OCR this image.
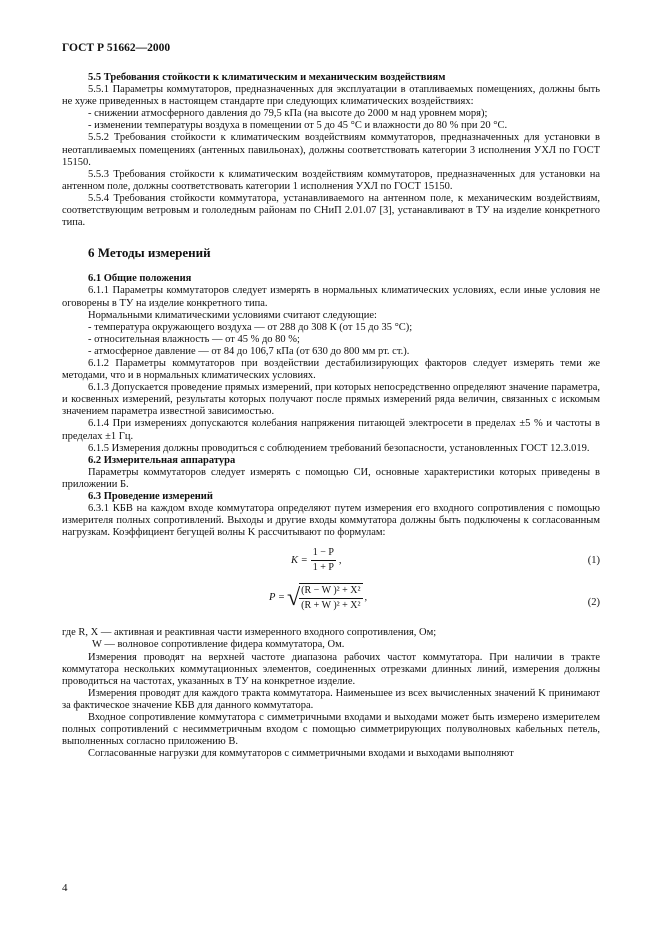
ГОСТ Р 51662—2000

5.5 Требования стойкости к климатическим и механическим воздействиям

5.5.1 Параметры коммутаторов, предназначенных для эксплуатации в отапливаемых помещениях, должны быть не хуже приведенных в настоящем стандарте при следующих климатических воздействиях:

- снижении атмосферного давления до 79,5 кПа (на высоте до 2000 м над уровнем моря);

- изменении температуры воздуха в помещении от 5 до 45 °С и влажности до 80 % при 20 °С.

5.5.2 Требования стойкости к климатическим воздействиям коммутаторов, предназначенных для установки в неотапливаемых помещениях (антенных павильонах), должны соответствовать категории 3 исполнения УХЛ по ГОСТ 15150.

5.5.3 Требования стойкости к климатическим воздействиям коммутаторов, предназначенных для установки на антенном поле, должны соответствовать категории 1 исполнения УХЛ по ГОСТ 15150.

5.5.4 Требования стойкости коммутатора, устанавливаемого на антенном поле, к механическим воздействиям, соответствующим ветровым и гололедным районам по СНиП 2.01.07 [3], устанавливают в ТУ на изделие конкретного типа.

6 Методы измерений

6.1 Общие положения

6.1.1 Параметры коммутаторов следует измерять в нормальных климатических условиях, если иные условия не оговорены в ТУ на изделие конкретного типа.

Нормальными климатическими условиями считают следующие:

- температура окружающего воздуха — от 288 до 308 К (от 15 до 35 °С);

- относительная влажность — от 45 % до 80 %;

- атмосферное давление — от 84 до 106,7 кПа (от 630 до 800 мм рт. ст.).

6.1.2 Параметры коммутаторов при воздействии дестабилизирующих факторов следует измерять теми же методами, что и в нормальных климатических условиях.

6.1.3 Допускается проведение прямых измерений, при которых непосредственно определяют значение параметра, и косвенных измерений, результаты которых получают после прямых измерений ряда величин, связанных с искомым значением параметра известной зависимостью.

6.1.4 При измерениях допускаются колебания напряжения питающей электросети в пределах ±5 % и частоты в пределах ±1 Гц.

6.1.5 Измерения должны проводиться с соблюдением требований безопасности, установленных ГОСТ 12.3.019.

6.2 Измерительная аппаратура

Параметры коммутаторов следует измерять с помощью СИ, основные характеристики которых приведены в приложении Б.

6.3 Проведение измерений

6.3.1 КБВ на каждом входе коммутатора определяют путем измерения его входного сопротивления с помощью измерителя полных сопротивлений. Выходы и другие входы коммутатора должны быть подключены к согласованным нагрузкам. Коэффициент бегущей волны K рассчитывают по формулам:

$K = \frac{1 - P}{1 + P}$ ,	(1)
P = √ $\frac{\text{(R − W )² + X²}}{\text{(R + W )² + X²}}$ ,	(2)

где R, X — активная и реактивная части измеренного входного сопротивления, Ом;

W — волновое сопротивление фидера коммутатора, Ом.

Измерения проводят на верхней частоте диапазона рабочих частот коммутатора. При наличии в тракте коммутатора нескольких коммутационных элементов, соединенных отрезками длинных линий, измерения должны проводиться на частотах, указанных в ТУ на конкретное изделие.

Измерения проводят для каждого тракта коммутатора. Наименьшее из всех вычисленных значений K принимают за фактическое значение КБВ для данного коммутатора.

Входное сопротивление коммутатора с симметричными входами и выходами может быть измерено измерителем полных сопротивлений с несимметричным входом с помощью симметрирующих полуволновых кабельных петель, выполненных согласно приложению В.

Согласованные нагрузки для коммутаторов с симметричными входами и выходами выполняют

4
